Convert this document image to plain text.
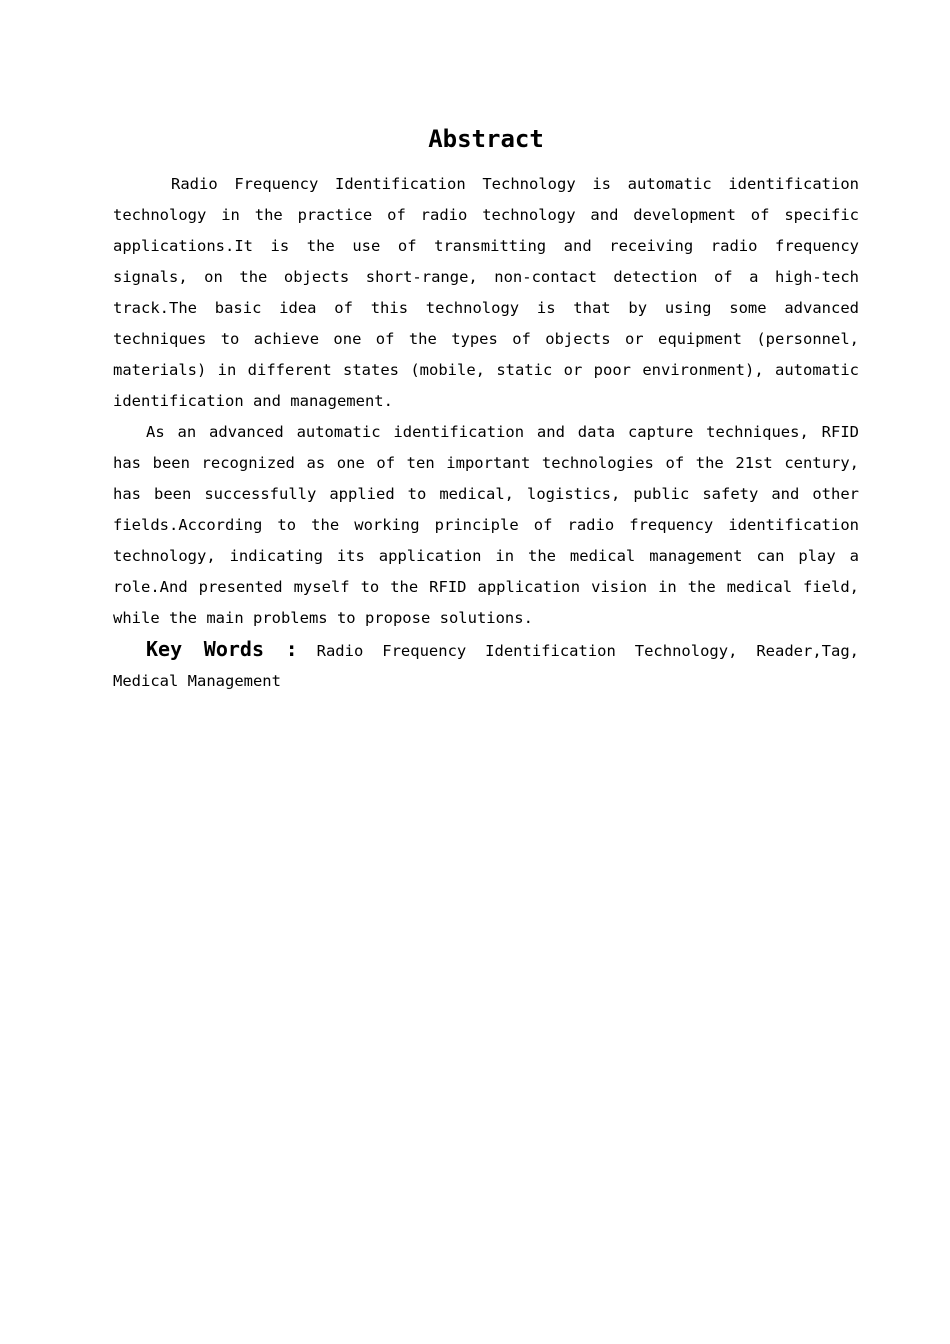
Abstract

Radio Frequency Identification Technology is automatic identification technology in the practice of radio technology and development of specific applications.It is the use of transmitting and receiving radio frequency signals, on the objects short-range, non-contact detection of a high-tech track.The basic idea of this technology is that by using some advanced techniques to achieve one of the types of objects or equipment (personnel, materials) in different states (mobile, static or poor environment), automatic identification and management.

As an advanced automatic identification and data capture techniques, RFID has been recognized as one of ten important technologies of the 21st century, has been successfully applied to medical, logistics, public safety and other fields.According to the working principle of radio frequency identification technology, indicating its application in the medical management can play a role.And presented myself to the RFID application vision in the medical field, while the main problems to propose solutions.

Key Words : Radio Frequency Identification Technology, Reader,Tag, Medical Management
